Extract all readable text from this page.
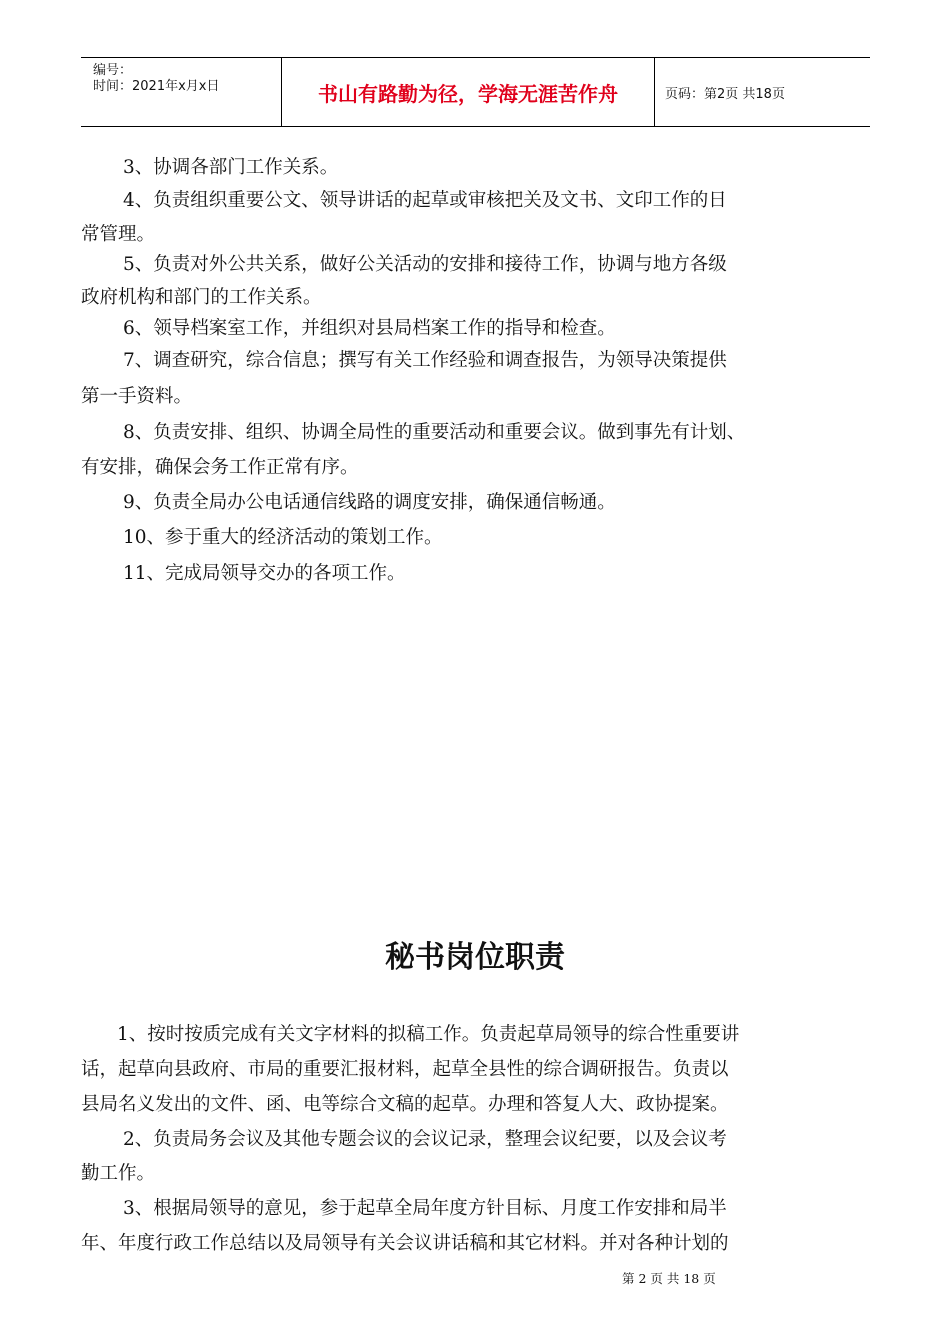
编号：
时间：2021年x月x日	书山有路勤为径，学海无涯苦作舟	页码：第2页 共18页
3、协调各部门工作关系。
4、负责组织重要公文、领导讲话的起草或审核把关及文书、文印工作的日
常管理。
5、负责对外公共关系，做好公关活动的安排和接待工作，协调与地方各级
政府机构和部门的工作关系。
6、领导档案室工作，并组织对县局档案工作的指导和检查。
7、调查研究，综合信息；撰写有关工作经验和调查报告，为领导决策提供
第一手资料。
8、负责安排、组织、协调全局性的重要活动和重要会议。做到事先有计划、
有安排，确保会务工作正常有序。
9、负责全局办公电话通信线路的调度安排，确保通信畅通。
10、参于重大的经济活动的策划工作。
11、完成局领导交办的各项工作。
秘书岗位职责
1、按时按质完成有关文字材料的拟稿工作。负责起草局领导的综合性重要讲
话，起草向县政府、市局的重要汇报材料，起草全县性的综合调研报告。负责以
县局名义发出的文件、函、电等综合文稿的起草。办理和答复人大、政协提案。
2、负责局务会议及其他专题会议的会议记录，整理会议纪要，以及会议考
勤工作。
3、根据局领导的意见，参于起草全局年度方针目标、月度工作安排和局半
年、年度行政工作总结以及局领导有关会议讲话稿和其它材料。并对各种计划的
第 2 页 共 18 页
